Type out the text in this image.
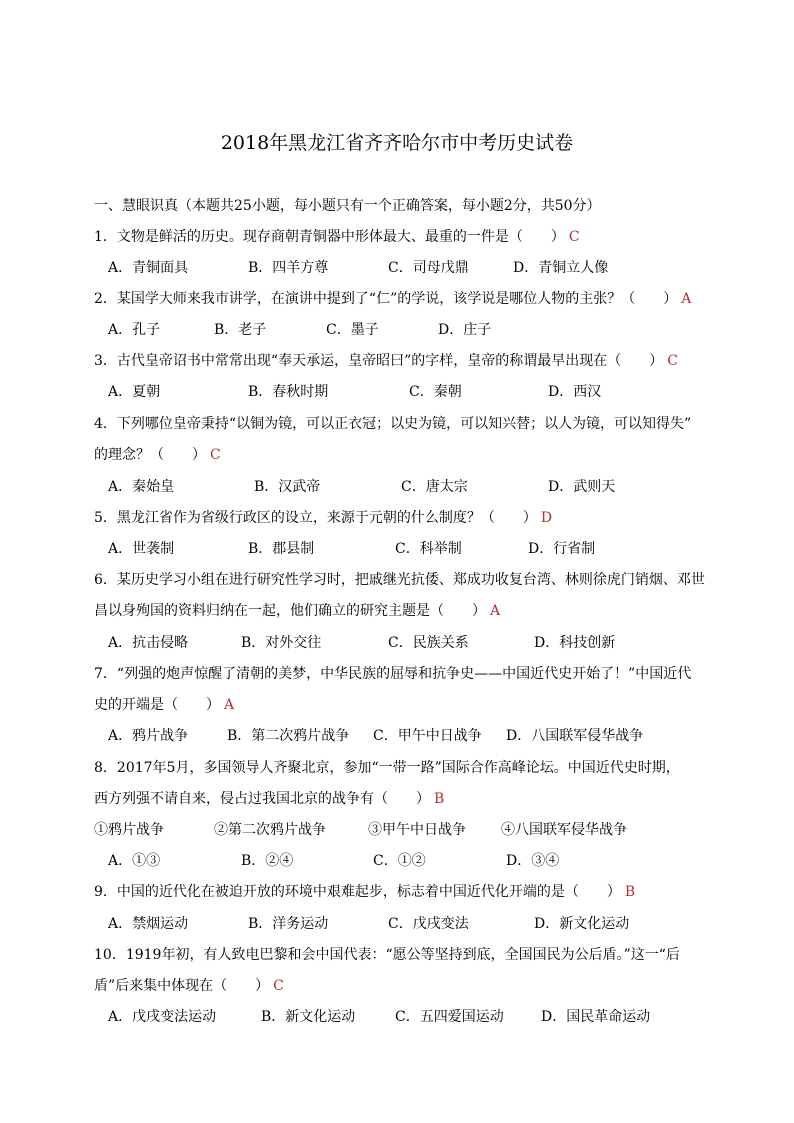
2018年黑龙江省齐齐哈尔市中考历史试卷
一、慧眼识真（本题共25小题，每小题只有一个正确答案，每小题2分，共50分）
1．文物是鲜活的历史。现存商朝青铜器中形体最大、最重的一件是（　　） C
A．青铜面具	B．四羊方尊	C．司母戊鼎	D．青铜立人像
2．某国学大师来我市讲学，在演讲中提到了“仁”的学说，该学说是哪位人物的主张？（　　） A
A．孔子	B．老子	C．墨子	D．庄子
3．古代皇帝诏书中常常出现“奉天承运，皇帝昭曰”的字样，皇帝的称谓最早出现在（　　） C
A．夏朝	B．春秋时期	C．秦朝	D．西汉
4．下列哪位皇帝秉持“以铜为镜，可以正衣冠；以史为镜，可以知兴替；以人为镜，可以知得失”
的理念？（　　） C
A．秦始皇	B．汉武帝	C．唐太宗	D．武则天
5．黑龙江省作为省级行政区的设立，来源于元朝的什么制度？（　　） D
A．世袭制	B．郡县制	C．科举制	D．行省制
6．某历史学习小组在进行研究性学习时，把戚继光抗倭、郑成功收复台湾、林则徐虎门销烟、邓世
昌以身殉国的资料归纳在一起，他们确立的研究主题是（　　） A
A．抗击侵略	B．对外交往	C．民族关系	D．科技创新
7．“列强的炮声惊醒了清朝的美梦，中华民族的屈辱和抗争史——中国近代史开始了！”中国近代
史的开端是（　　） A
A．鸦片战争	B．第二次鸦片战争 C．甲午中日战争 D．八国联军侵华战争
8．2017年5月，多国领导人齐聚北京，参加“一带一路”国际合作高峰论坛。中国近代史时期，
西方列强不请自来，侵占过我国北京的战争有（　　） B
①鸦片战争	②第二次鸦片战争	③甲午中日战争	④八国联军侵华战争
A．①③	B．②④	C．①②	D．③④
9．中国的近代化在被迫开放的环境中艰难起步，标志着中国近代化开端的是（　　） B
A．禁烟运动	B．洋务运动	C．戊戌变法	D．新文化运动
10．1919年初，有人致电巴黎和会中国代表：“愿公等坚持到底，全国国民为公后盾。”这一“后
盾”后来集中体现在（　　） C
A．戊戌变法运动	B．新文化运动	C．五四爱国运动	D．国民革命运动
